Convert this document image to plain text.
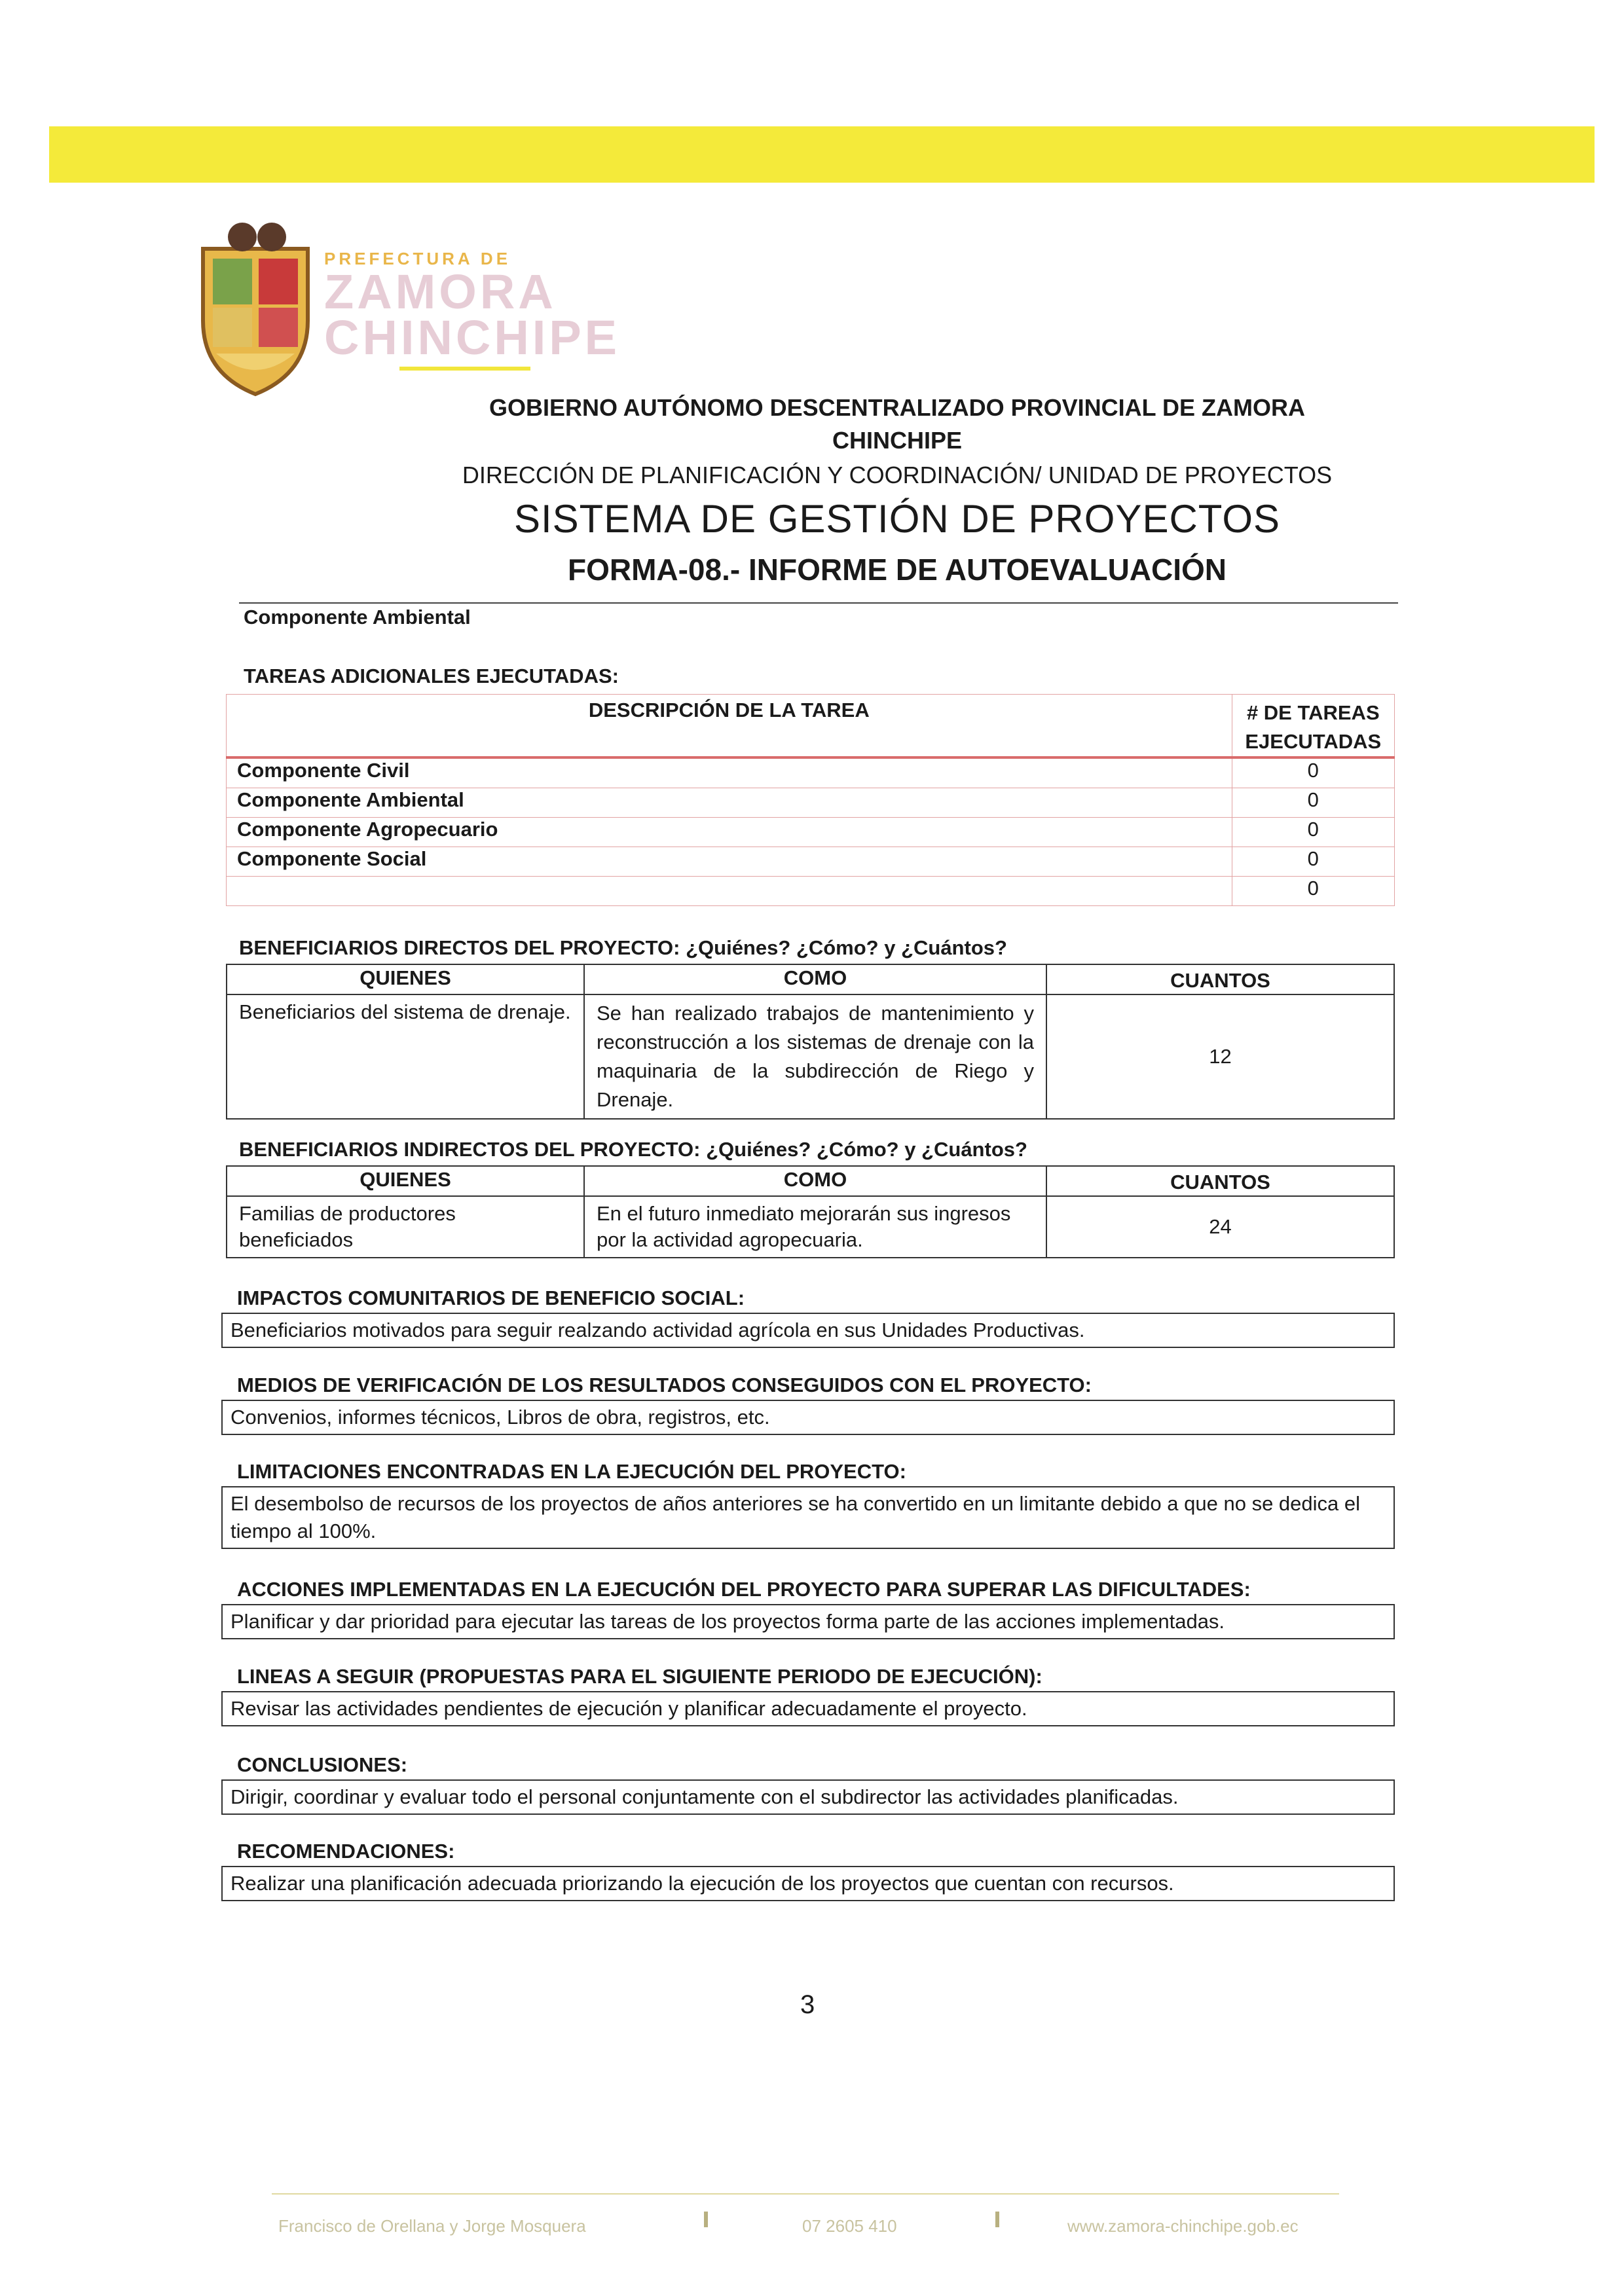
PREFECTURA DE
ZAMORA
CHINCHIPE
GOBIERNO AUTÓNOMO DESCENTRALIZADO PROVINCIAL DE ZAMORA CHINCHIPE
DIRECCIÓN DE PLANIFICACIÓN Y COORDINACIÓN/ UNIDAD DE PROYECTOS
SISTEMA DE GESTIÓN DE PROYECTOS
FORMA-08.- INFORME DE AUTOEVALUACIÓN
Componente Ambiental
TAREAS ADICIONALES EJECUTADAS:
DESCRIPCIÓN DE LA TAREA	# DE TAREAS EJECUTADAS
Componente Civil	0
Componente Ambiental	0
Componente Agropecuario	0
Componente Social	0
	0
BENEFICIARIOS DIRECTOS DEL PROYECTO: ¿Quiénes? ¿Cómo? y ¿Cuántos?
QUIENES	COMO	CUANTOS
Beneficiarios del sistema de drenaje.	Se han realizado trabajos de mantenimiento y reconstrucción a los sistemas de drenaje con la maquinaria de la subdirección de Riego y Drenaje.	12
BENEFICIARIOS INDIRECTOS DEL PROYECTO: ¿Quiénes? ¿Cómo? y ¿Cuántos?
QUIENES	COMO	CUANTOS
Familias de productores beneficiados	En el futuro inmediato mejorarán sus ingresos por la actividad agropecuaria.	24
IMPACTOS COMUNITARIOS DE BENEFICIO SOCIAL:
Beneficiarios motivados para seguir realzando actividad agrícola en sus Unidades Productivas.
MEDIOS DE VERIFICACIÓN DE LOS RESULTADOS CONSEGUIDOS CON EL PROYECTO:
Convenios, informes técnicos, Libros de obra, registros, etc.
LIMITACIONES ENCONTRADAS EN LA EJECUCIÓN DEL PROYECTO:
El desembolso de recursos de los proyectos de años anteriores se ha convertido en un limitante debido a que no se dedica el tiempo al 100%.
ACCIONES IMPLEMENTADAS EN LA EJECUCIÓN DEL PROYECTO PARA SUPERAR LAS DIFICULTADES:
Planificar y dar prioridad para ejecutar las tareas de los proyectos forma parte de las acciones implementadas.
LINEAS A SEGUIR (PROPUESTAS PARA EL SIGUIENTE PERIODO DE EJECUCIÓN):
Revisar las actividades pendientes de ejecución y planificar adecuadamente el proyecto.
CONCLUSIONES:
Dirigir, coordinar y evaluar todo el personal conjuntamente con el subdirector las actividades planificadas.
RECOMENDACIONES:
Realizar una planificación adecuada priorizando la ejecución de los proyectos que cuentan con recursos.
3
Francisco de Orellana y Jorge Mosquera	07 2605 410	www.zamora-chinchipe.gob.ec
